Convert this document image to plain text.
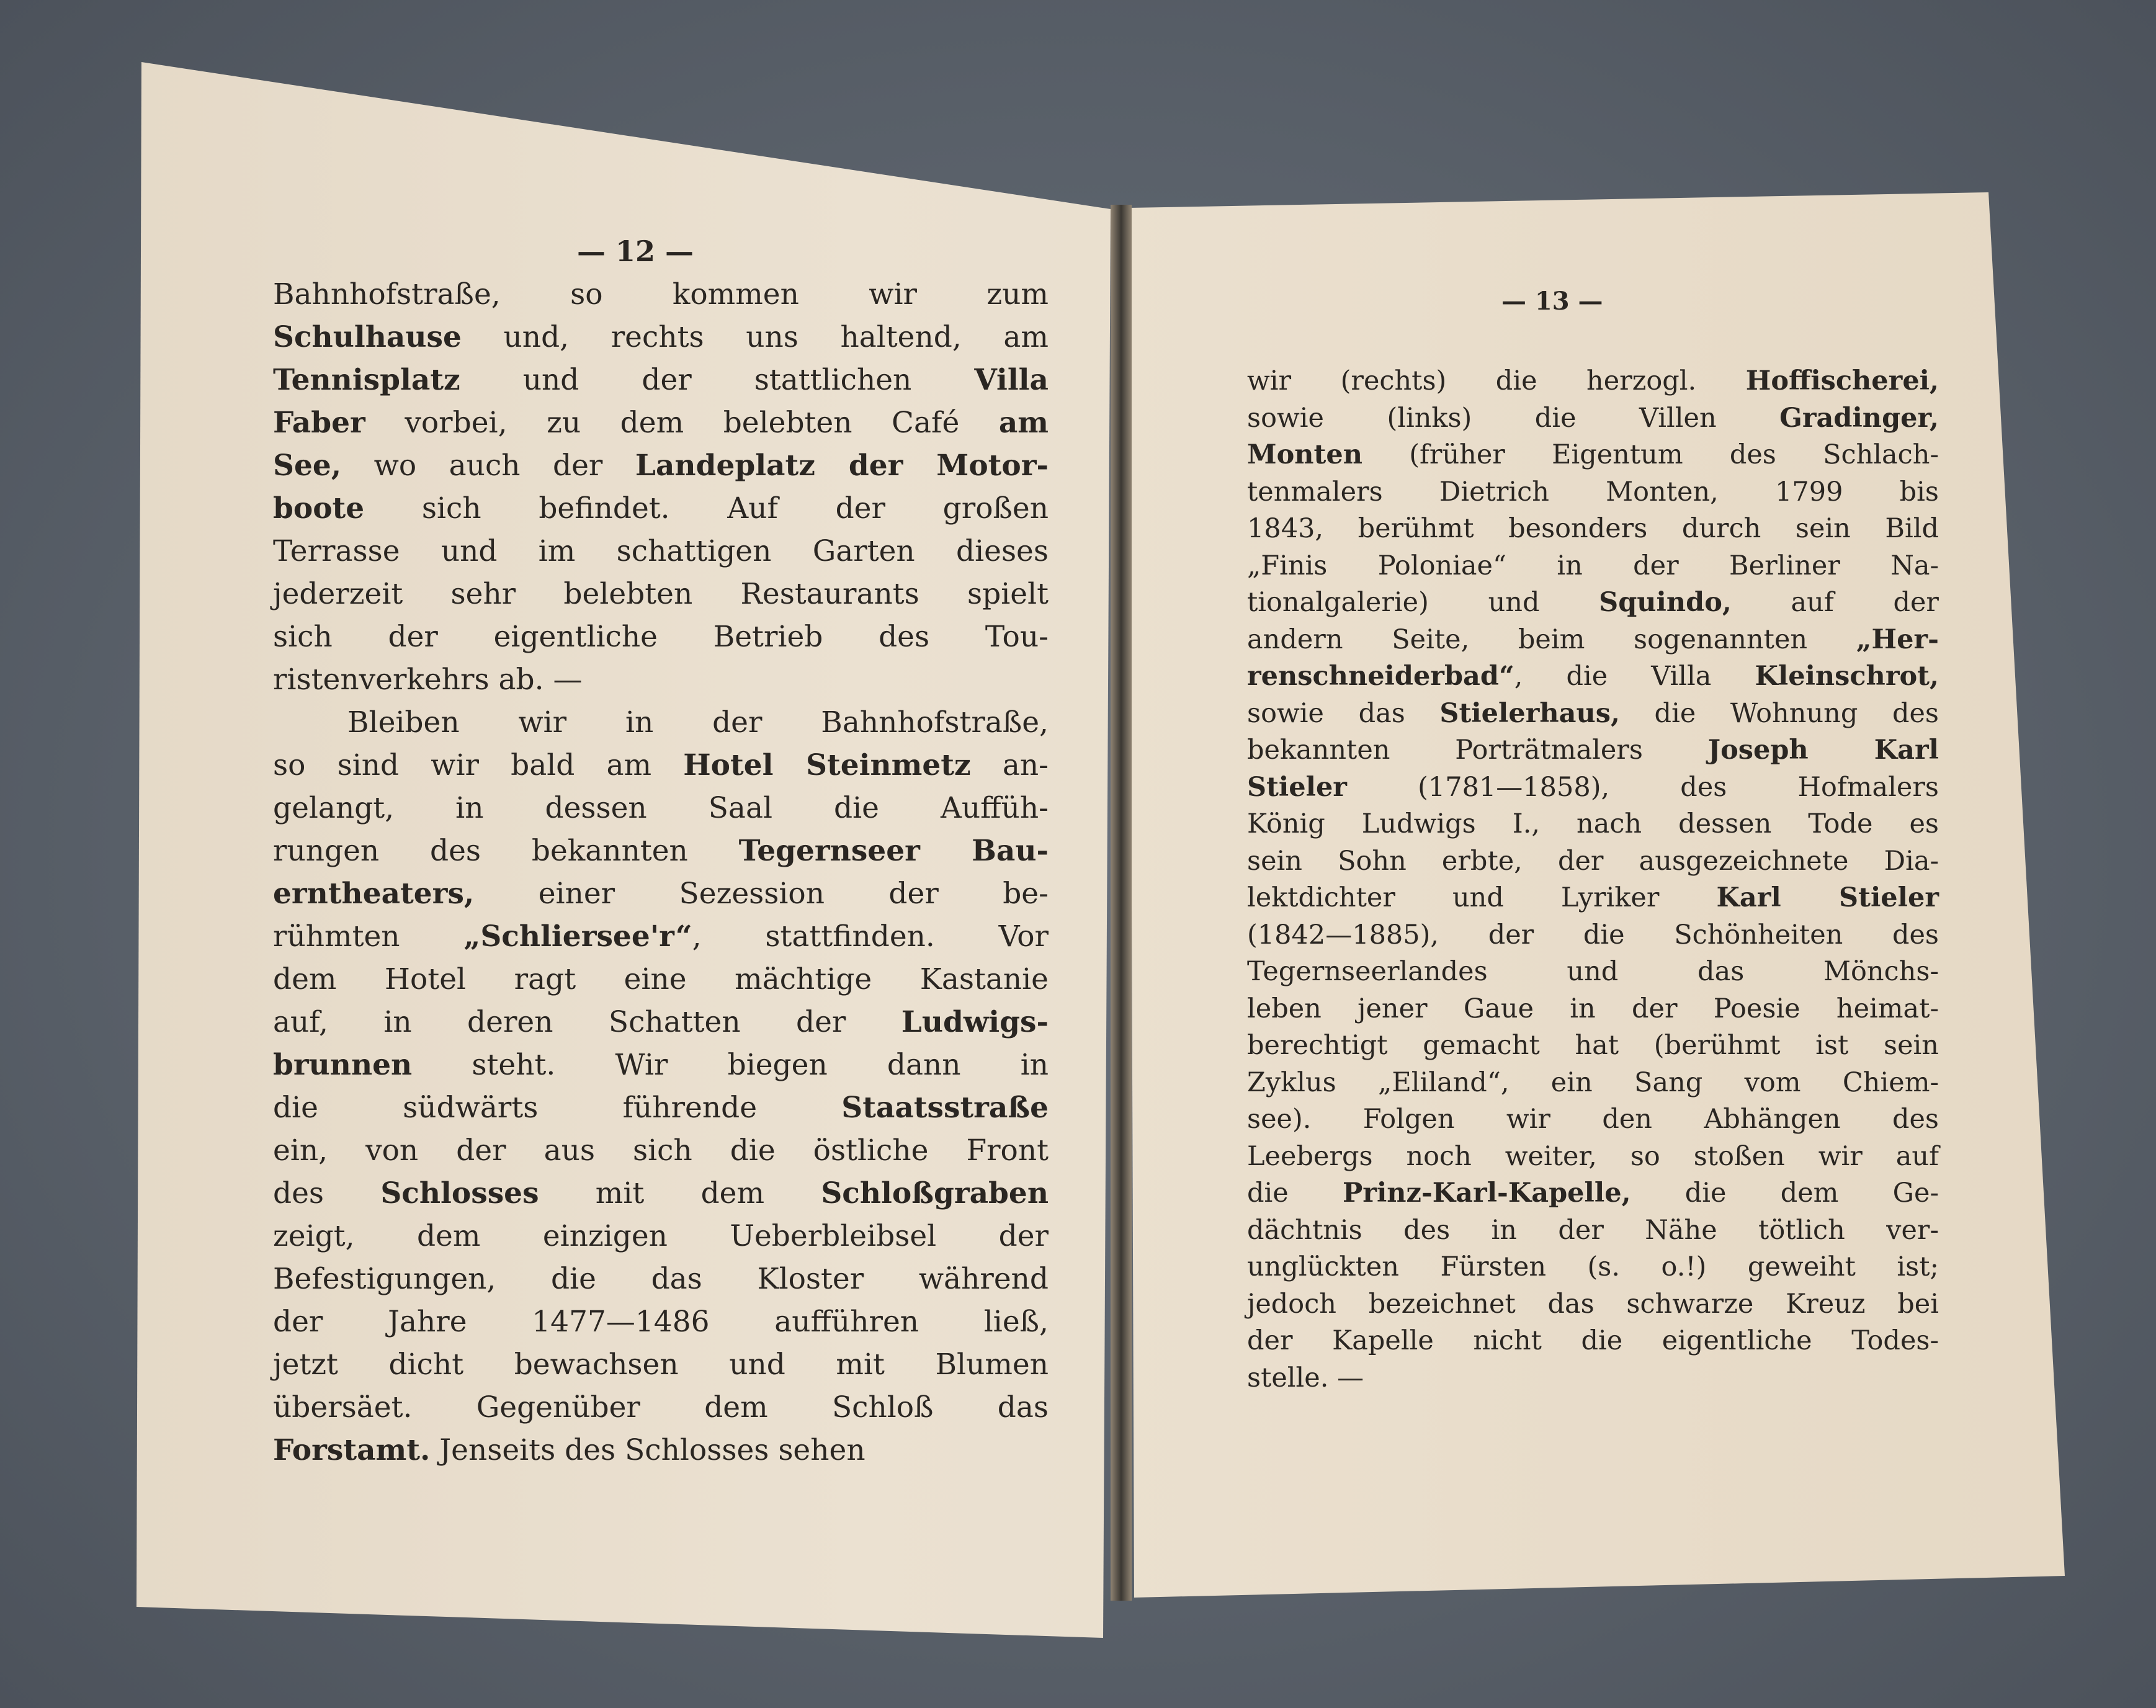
— 12 —
— 13 —
Bahnhofstraße, so kommen wir zum
Schulhause und, rechts uns haltend, am
Tennisplatz und der stattlichen Villa
Faber vorbei, zu dem belebten Café am
See, wo auch der Landeplatz der Motor-
boote sich befindet. Auf der großen
Terrasse und im schattigen Garten dieses
jederzeit sehr belebten Restaurants spielt
sich der eigentliche Betrieb des Tou-
ristenverkehrs ab. —
Bleiben wir in der Bahnhofstraße,
so sind wir bald am Hotel Steinmetz an-
gelangt, in dessen Saal die Auffüh-
rungen des bekannten Tegernseer Bau-
erntheaters, einer Sezession der be-
rühmten „Schliersee'r“, stattfinden. Vor
dem Hotel ragt eine mächtige Kastanie
auf, in deren Schatten der Ludwigs-
brunnen steht. Wir biegen dann in
die südwärts führende Staatsstraße
ein, von der aus sich die östliche Front
des Schlosses mit dem Schloßgraben
zeigt, dem einzigen Ueberbleibsel der
Befestigungen, die das Kloster während
der Jahre 1477—1486 aufführen ließ,
jetzt dicht bewachsen und mit Blumen
übersäet. Gegenüber dem Schloß das
Forstamt. Jenseits des Schlosses sehen
wir (rechts) die herzogl. Hoffischerei,
sowie (links) die Villen Gradinger,
Monten (früher Eigentum des Schlach-
tenmalers Dietrich Monten, 1799 bis
1843, berühmt besonders durch sein Bild
„Finis Poloniae“ in der Berliner Na-
tionalgalerie) und Squindo, auf der
andern Seite, beim sogenannten „Her-
renschneiderbad“, die Villa Kleinschrot,
sowie das Stielerhaus, die Wohnung des
bekannten Porträtmalers Joseph Karl
Stieler (1781—1858), des Hofmalers
König Ludwigs I., nach dessen Tode es
sein Sohn erbte, der ausgezeichnete Dia-
lektdichter und Lyriker Karl Stieler
(1842—1885), der die Schönheiten des
Tegernseerlandes und das Mönchs-
leben jener Gaue in der Poesie heimat-
berechtigt gemacht hat (berühmt ist sein
Zyklus „Eliland“, ein Sang vom Chiem-
see). Folgen wir den Abhängen des
Leebergs noch weiter, so stoßen wir auf
die Prinz-Karl-Kapelle, die dem Ge-
dächtnis des in der Nähe tötlich ver-
unglückten Fürsten (s. o.!) geweiht ist;
jedoch bezeichnet das schwarze Kreuz bei
der Kapelle nicht die eigentliche Todes-
stelle. —
